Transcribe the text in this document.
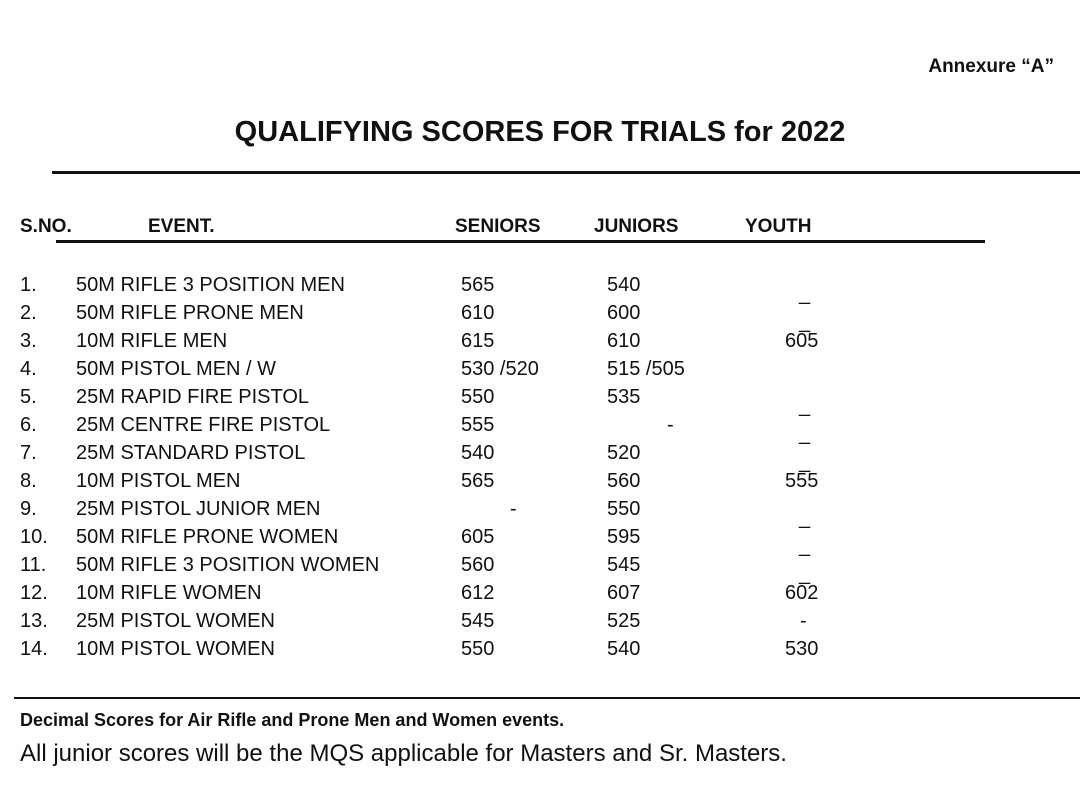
Annexure “A”
QUALIFYING SCORES FOR TRIALS for 2022
S.NO.	EVENT.	SENIORS	JUNIORS	YOUTH
1. 50M RIFLE 3 POSITION MEN	565	540	_
2. 50M RIFLE PRONE MEN	610	600	_
3. 10M RIFLE MEN	615	610	605
4. 50M PISTOL MEN / W	530 /520	515 /505
5. 25M RAPID FIRE PISTOL	550	535	_
6. 25M CENTRE FIRE PISTOL	555	-	_
7. 25M STANDARD PISTOL	540	520	_
8. 10M PISTOL MEN	565	560	555
9. 25M PISTOL JUNIOR MEN	-	550	_
10. 50M RIFLE PRONE WOMEN	605	595	_
11. 50M RIFLE 3 POSITION WOMEN	560	545	_
12. 10M RIFLE WOMEN	612	607	602
13. 25M PISTOL WOMEN	545	525	-
14. 10M PISTOL WOMEN	550	540	530
Decimal Scores for Air Rifle and Prone Men and Women events.
All junior scores will be the MQS applicable for Masters and Sr. Masters.
